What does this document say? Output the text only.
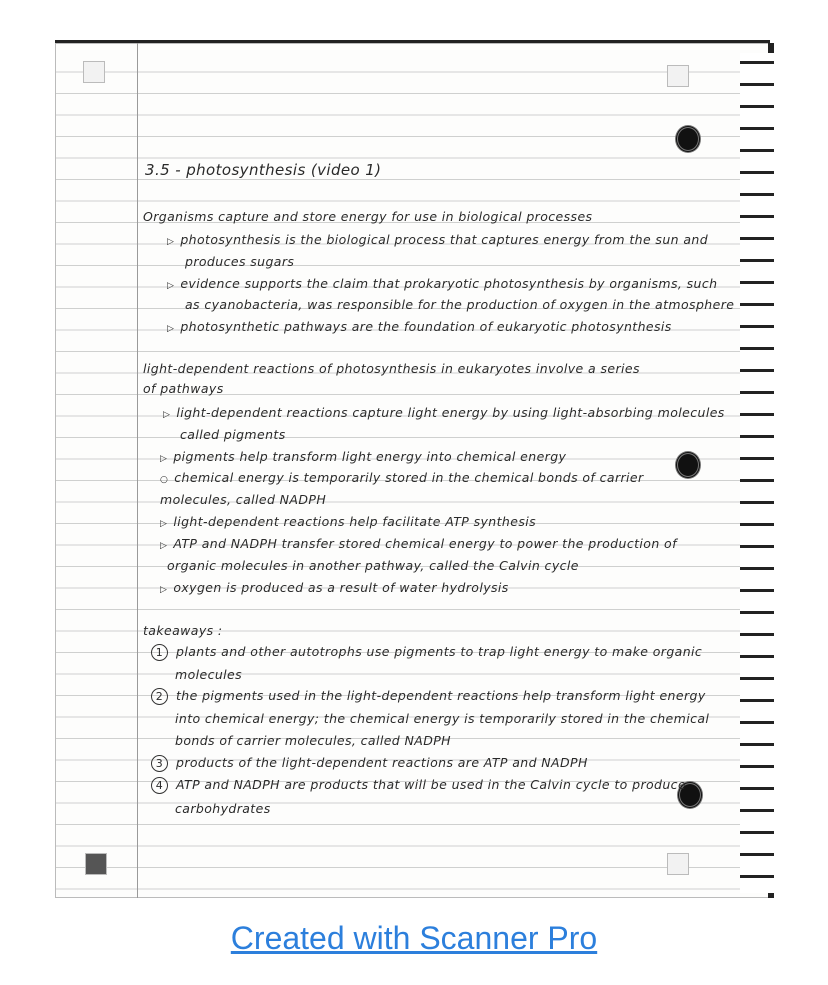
3.5 - photosynthesis (video 1)
Organisms capture and store energy for use in biological processes
▷ photosynthesis is the biological process that captures energy from the sun and
produces sugars
▷ evidence supports the claim that prokaryotic photosynthesis by organisms, such
as cyanobacteria, was responsible for the production of oxygen in the atmosphere
▷ photosynthetic pathways are the foundation of eukaryotic photosynthesis
light-dependent reactions of photosynthesis in eukaryotes involve a series
of pathways
▷ light-dependent reactions capture light energy by using light-absorbing molecules
called pigments
▷ pigments help transform light energy into chemical energy
○ chemical energy is temporarily stored in the chemical bonds of carrier
molecules, called NADPH
▷ light-dependent reactions help facilitate ATP synthesis
▷ ATP and NADPH transfer stored chemical energy to power the production of
organic molecules in another pathway, called the Calvin cycle
▷ oxygen is produced as a result of water hydrolysis
takeaways :
1 plants and other autotrophs use pigments to trap light energy to make organic
molecules
2 the pigments used in the light-dependent reactions help transform light energy
into chemical energy; the chemical energy is temporarily stored in the chemical
bonds of carrier molecules, called NADPH
3 products of the light-dependent reactions are ATP and NADPH
4 ATP and NADPH are products that will be used in the Calvin cycle to produce
carbohydrates
Created with Scanner Pro
